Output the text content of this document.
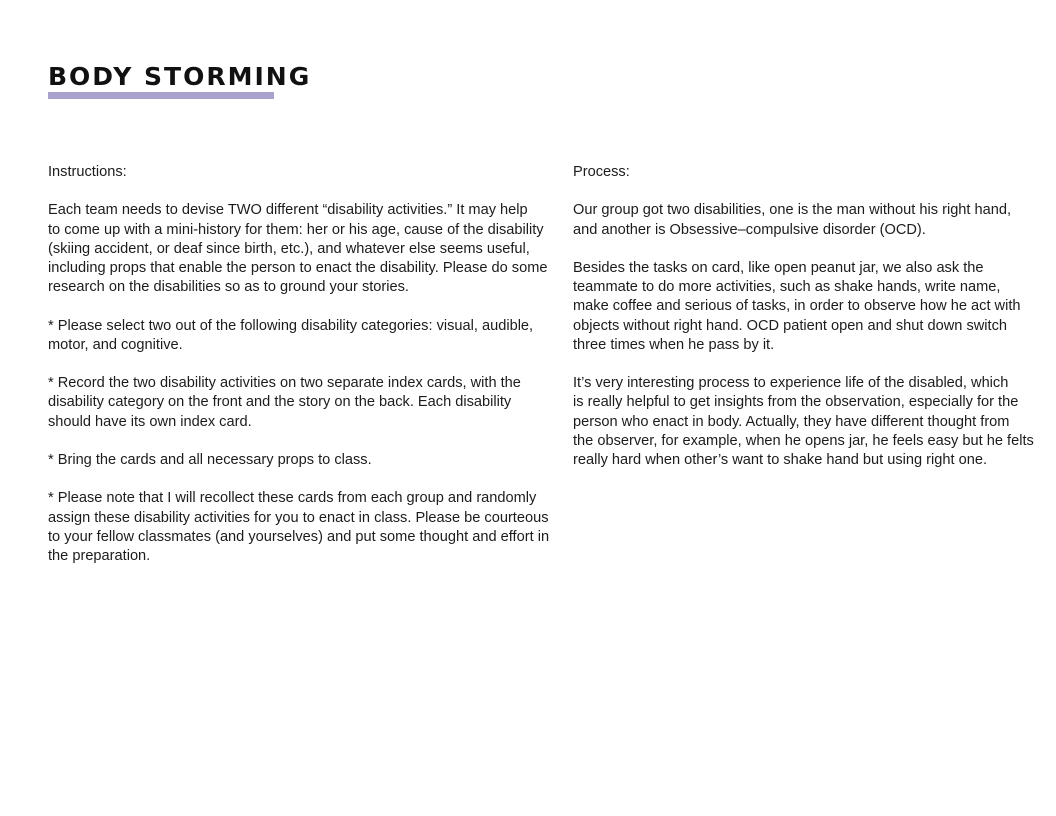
BODY STORMING

Instructions:

Each team needs to devise TWO different “disability activities.” It may help
to come up with a mini-history for them: her or his age, cause of the disability
(skiing accident, or deaf since birth, etc.), and whatever else seems useful,
including props that enable the person to enact the disability. Please do some
research on the disabilities so as to ground your stories.

* Please select two out of the following disability categories: visual, audible,
motor, and cognitive.

* Record the two disability activities on two separate index cards, with the
disability category on the front and the story on the back. Each disability
should have its own index card.

* Bring the cards and all necessary props to class.

* Please note that I will recollect these cards from each group and randomly
assign these disability activities for you to enact in class. Please be courteous
to your fellow classmates (and yourselves) and put some thought and effort in
the preparation.

Process:

Our group got two disabilities, one is the man without his right hand,
and another is Obsessive–compulsive disorder (OCD).

Besides the tasks on card, like open peanut jar, we also ask the
teammate to do more activities, such as shake hands, write name,
make coffee and serious of tasks, in order to observe how he act with
objects without right hand. OCD patient open and shut down switch
three times when he pass by it.

It’s very interesting process to experience life of the disabled, which
is really helpful to get insights from the observation, especially for the
person who enact in body. Actually, they have different thought from
the observer, for example, when he opens jar, he feels easy but he felts
really hard when other’s want to shake hand but using right one.
